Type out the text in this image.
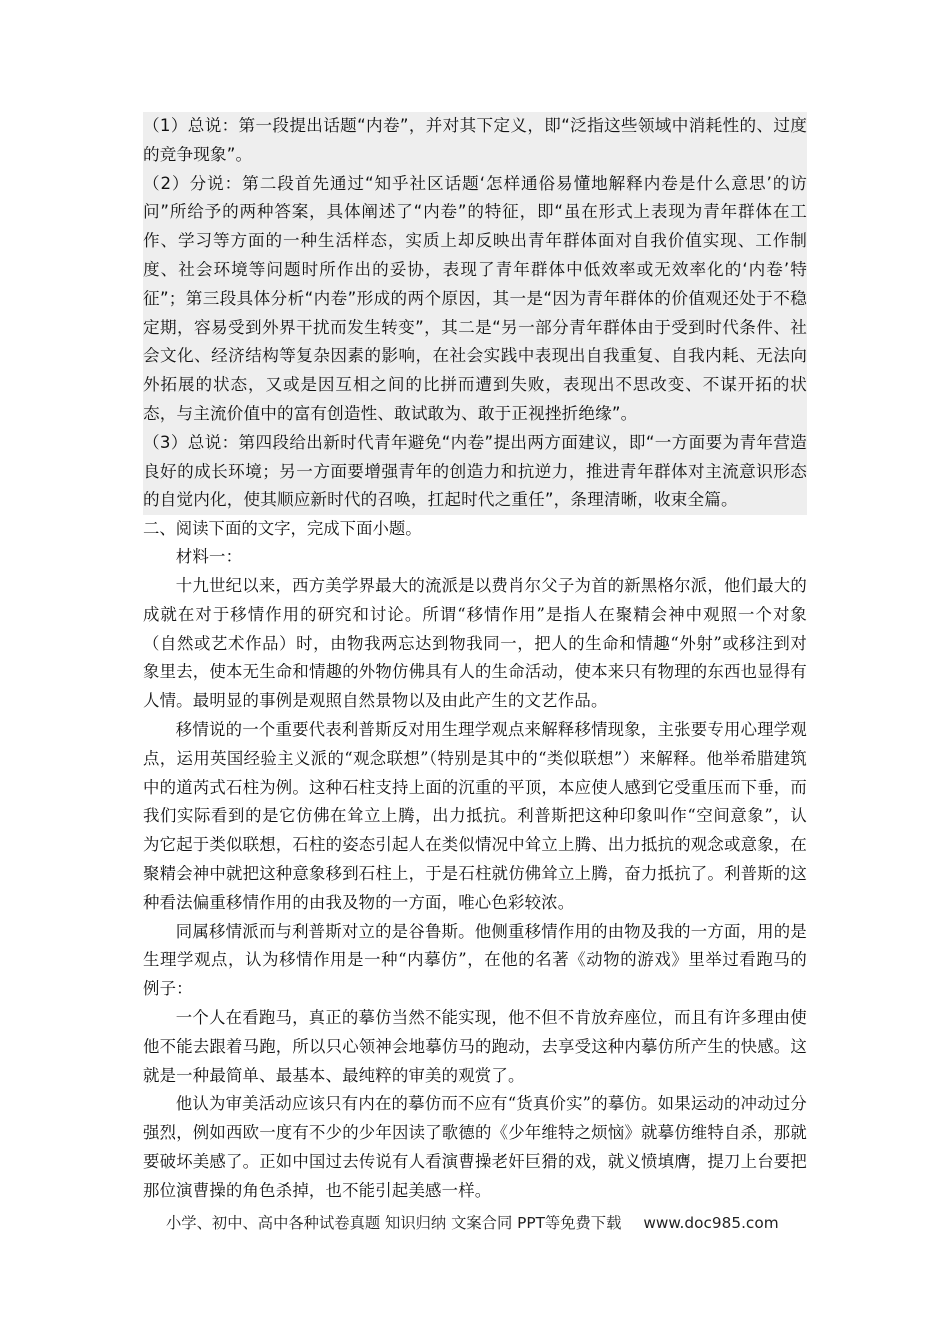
（1）总说：第一段提出话题“内卷”，并对其下定义，即“泛指这些领域中消耗性的、过度的竞争现象”。

（2）分说：第二段首先通过“知乎社区话题‘怎样通俗易懂地解释内卷是什么意思’的访问”所给予的两种答案，具体阐述了“内卷”的特征，即“虽在形式上表现为青年群体在工作、学习等方面的一种生活样态，实质上却反映出青年群体面对自我价值实现、工作制度、社会环境等问题时所作出的妥协，表现了青年群体中低效率或无效率化的‘内卷’特征”；第三段具体分析“内卷”形成的两个原因，其一是“因为青年群体的价值观还处于不稳定期，容易受到外界干扰而发生转变”，其二是“另一部分青年群体由于受到时代条件、社会文化、经济结构等复杂因素的影响，在社会实践中表现出自我重复、自我内耗、无法向外拓展的状态，又或是因互相之间的比拼而遭到失败，表现出不思改变、不谋开拓的状态，与主流价值中的富有创造性、敢试敢为、敢于正视挫折绝缘”。

（3）总说：第四段给出新时代青年避免“内卷”提出两方面建议，即“一方面要为青年营造良好的成长环境；另一方面要增强青年的创造力和抗逆力，推进青年群体对主流意识形态的自觉内化，使其顺应新时代的召唤，扛起时代之重任”，条理清晰，收束全篇。

二、阅读下面的文字，完成下面小题。

材料一：

十九世纪以来，西方美学界最大的流派是以费肖尔父子为首的新黑格尔派，他们最大的成就在对于移情作用的研究和讨论。所谓“移情作用”是指人在聚精会神中观照一个对象（自然或艺术作品）时，由物我两忘达到物我同一，把人的生命和情趣“外射”或移注到对象里去，使本无生命和情趣的外物仿佛具有人的生命活动，使本来只有物理的东西也显得有人情。最明显的事例是观照自然景物以及由此产生的文艺作品。

移情说的一个重要代表利普斯反对用生理学观点来解释移情现象，主张要专用心理学观点，运用英国经验主义派的“观念联想”（特别是其中的“类似联想”）来解释。他举希腊建筑中的道芮式石柱为例。这种石柱支持上面的沉重的平顶，本应使人感到它受重压而下垂，而我们实际看到的是它仿佛在耸立上腾，出力抵抗。利普斯把这种印象叫作“空间意象”，认为它起于类似联想，石柱的姿态引起人在类似情况中耸立上腾、出力抵抗的观念或意象，在聚精会神中就把这种意象移到石柱上，于是石柱就仿佛耸立上腾，奋力抵抗了。利普斯的这种看法偏重移情作用的由我及物的一方面，唯心色彩较浓。

同属移情派而与利普斯对立的是谷鲁斯。他侧重移情作用的由物及我的一方面，用的是生理学观点，认为移情作用是一种“内摹仿”，在他的名著《动物的游戏》里举过看跑马的例子：

一个人在看跑马，真正的摹仿当然不能实现，他不但不肯放弃座位，而且有许多理由使他不能去跟着马跑，所以只心领神会地摹仿马的跑动，去享受这种内摹仿所产生的快感。这就是一种最简单、最基本、最纯粹的审美的观赏了。

他认为审美活动应该只有内在的摹仿而不应有“货真价实”的摹仿。如果运动的冲动过分强烈，例如西欧一度有不少的少年因读了歌德的《少年维特之烦恼》就摹仿维特自杀，那就要破坏美感了。正如中国过去传说有人看演曹操老奸巨猾的戏，就义愤填膺，提刀上台要把那位演曹操的角色杀掉，也不能引起美感一样。

小学、初中、高中各种试卷真题 知识归纳 文案合同 PPT等免费下载 www.doc985.com
